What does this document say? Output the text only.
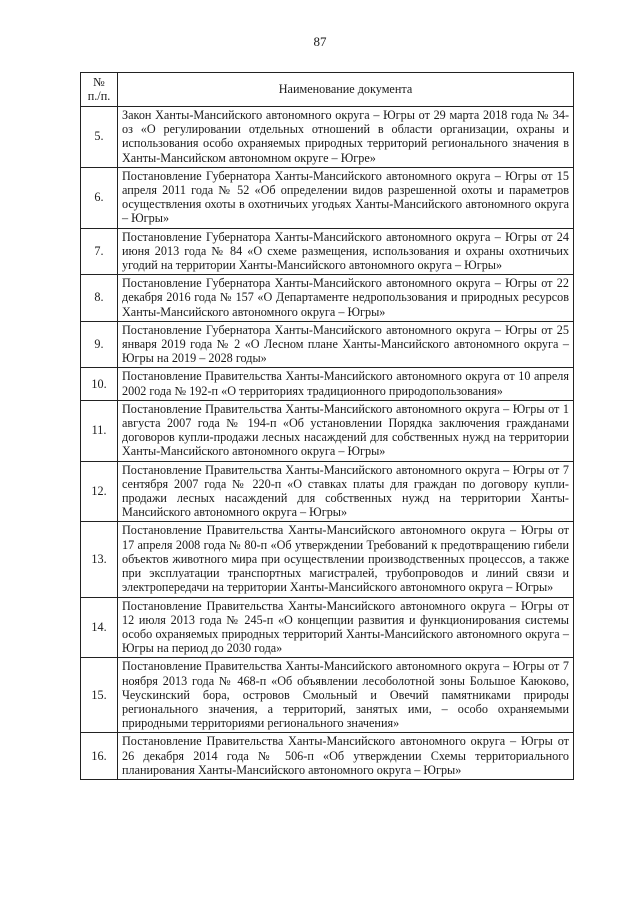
87
№
п./п.	Наименование документа
5.	Закон Ханты-Мансийского автономного округа – Югры от 29 марта 2018 года № 34-оз «О регулировании отдельных отношений в области организации, охраны и использования особо охраняемых природных территорий регионального значения в Ханты-Мансийском автономном округе – Югре»
6.	Постановление Губернатора Ханты-Мансийского автономного округа – Югры от 15 апреля 2011 года № 52 «Об определении видов разрешенной охоты и параметров осуществления охоты в охотничьих угодьях Ханты-Мансийского автономного округа – Югры»
7.	Постановление Губернатора Ханты-Мансийского автономного округа – Югры от 24 июня 2013 года № 84 «О схеме размещения, использования и охраны охотничьих угодий на территории Ханты-Мансийского автономного округа – Югры»
8.	Постановление Губернатора Ханты-Мансийского автономного округа – Югры от 22 декабря 2016 года № 157 «О Департаменте недропользования и природных ресурсов Ханты-Мансийского автономного округа – Югры»
9.	Постановление Губернатора Ханты-Мансийского автономного округа – Югры от 25 января 2019 года № 2 «О Лесном плане Ханты-Мансийского автономного округа – Югры на 2019 – 2028 годы»
10.	Постановление Правительства Ханты-Мансийского автономного округа от 10 апреля 2002 года № 192-п «О территориях традиционного природопользования»
11.	Постановление Правительства Ханты-Мансийского автономного округа – Югры от 1 августа 2007 года № 194-п «Об установлении Порядка заключения гражданами договоров купли-продажи лесных насаждений для собственных нужд на территории Ханты-Мансийского автономного округа – Югры»
12.	Постановление Правительства Ханты-Мансийского автономного округа – Югры от 7 сентября 2007 года № 220-п «О ставках платы для граждан по договору купли-продажи лесных насаждений для собственных нужд на территории Ханты-Мансийского автономного округа – Югры»
13.	Постановление Правительства Ханты-Мансийского автономного округа – Югры от 17 апреля 2008 года № 80-п «Об утверждении Требований к предотвращению гибели объектов животного мира при осуществлении производственных процессов, а также при эксплуатации транспортных магистралей, трубопроводов и линий связи и электропередачи на территории Ханты-Мансийского автономного округа – Югры»
14.	Постановление Правительства Ханты-Мансийского автономного округа – Югры от 12 июля 2013 года № 245-п «О концепции развития и функционирования системы особо охраняемых природных территорий Ханты-Мансийского автономного округа – Югры на период до 2030 года»
15.	Постановление Правительства Ханты-Мансийского автономного округа – Югры от 7 ноября 2013 года № 468-п «Об объявлении лесоболотной зоны Большое Каюково, Чеускинский бора, островов Смольный и Овечий памятниками природы регионального значения, а территорий, занятых ими, – особо охраняемыми природными территориями регионального значения»
16.	Постановление Правительства Ханты-Мансийского автономного округа – Югры от 26 декабря 2014 года № 506-п «Об утверждении Схемы территориального планирования Ханты-Мансийского автономного округа – Югры»
